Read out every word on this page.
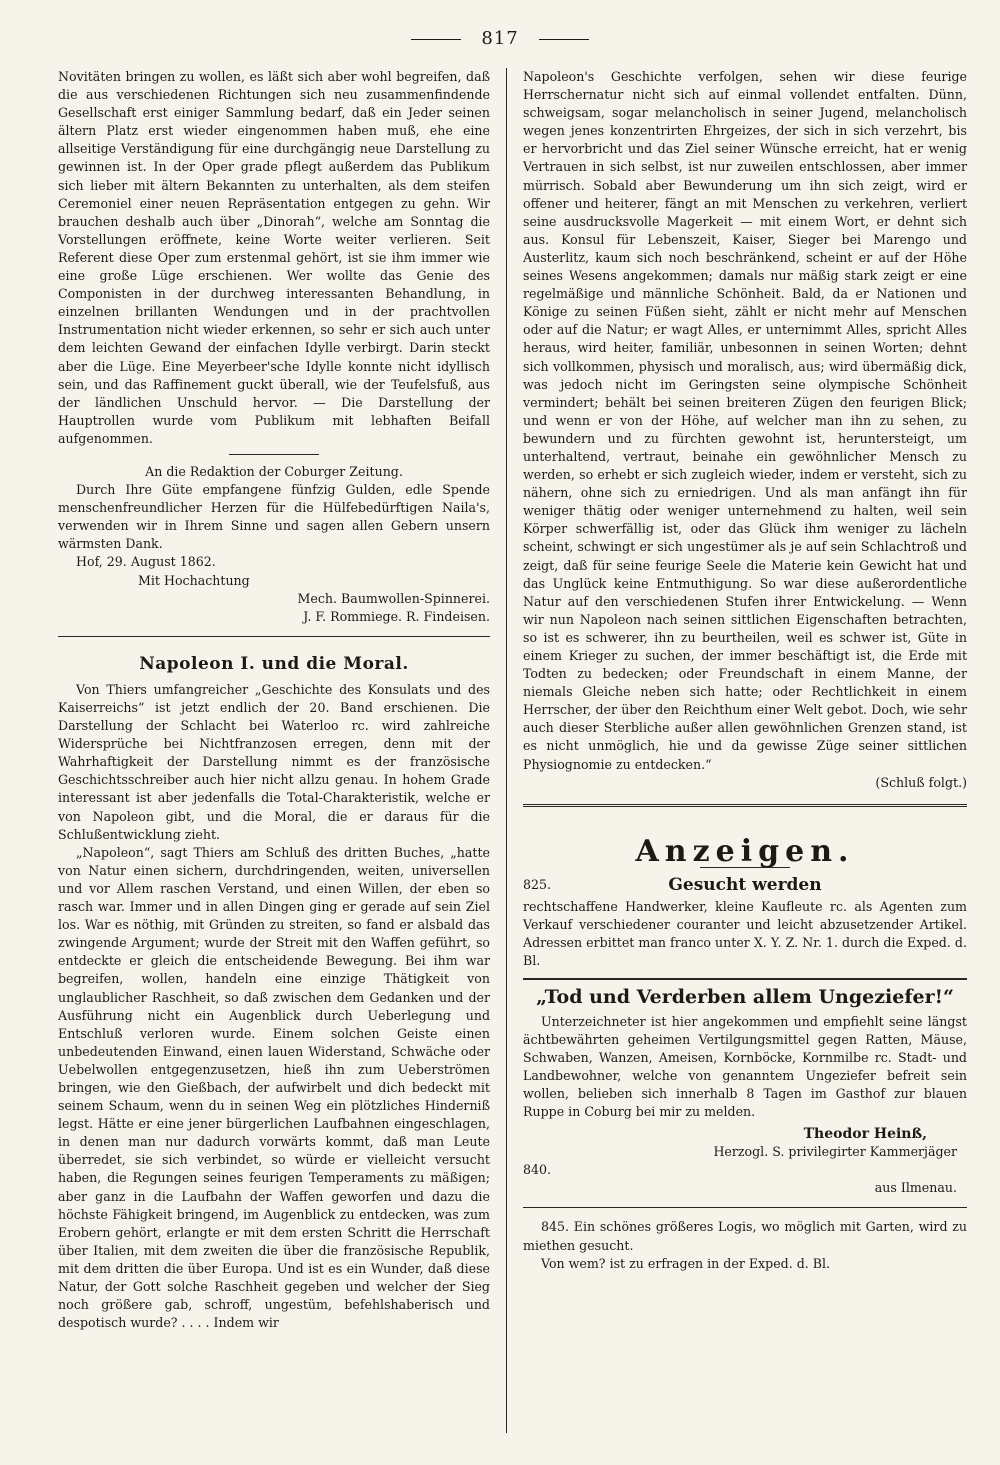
817

Novitäten bringen zu wollen, es läßt sich aber wohl begreifen, daß die aus verschiedenen Richtungen sich neu zusammenfindende Gesellschaft erst einiger Sammlung bedarf, daß ein Jeder seinen ältern Platz erst wieder eingenommen haben muß, ehe eine allseitige Verständigung für eine durchgängig neue Darstellung zu gewinnen ist. In der Oper grade pflegt außerdem das Publikum sich lieber mit ältern Bekannten zu unterhalten, als dem steifen Ceremoniel einer neuen Repräsentation entgegen zu gehn. Wir brauchen deshalb auch über „Dinorah“, welche am Sonntag die Vorstellungen eröffnete, keine Worte weiter verlieren. Seit Referent diese Oper zum erstenmal gehört, ist sie ihm immer wie eine große Lüge erschienen. Wer wollte das Genie des Componisten in der durchweg interessanten Behandlung, in einzelnen brillanten Wendungen und in der prachtvollen Instrumentation nicht wieder erkennen, so sehr er sich auch unter dem leichten Gewand der einfachen Idylle verbirgt. Darin steckt aber die Lüge. Eine Meyerbeer'sche Idylle konnte nicht idyllisch sein, und das Raffinement guckt überall, wie der Teufelsfuß, aus der ländlichen Unschuld hervor. — Die Darstellung der Hauptrollen wurde vom Publikum mit lebhaften Beifall aufgenommen.

An die Redaktion der Coburger Zeitung.

Durch Ihre Güte empfangene fünfzig Gulden, edle Spende menschenfreundlicher Herzen für die Hülfebedürftigen Naila's, verwenden wir in Ihrem Sinne und sagen allen Gebern unsern wärmsten Dank.

Hof, 29. August 1862.

Mit Hochachtung

Mech. Baumwollen-Spinnerei.

J. F. Rommiege. R. Findeisen.

Napoleon I. und die Moral.

Von Thiers umfangreicher „Geschichte des Konsulats und des Kaiserreichs“ ist jetzt endlich der 20. Band erschienen. Die Darstellung der Schlacht bei Waterloo rc. wird zahlreiche Widersprüche bei Nichtfranzosen erregen, denn mit der Wahrhaftigkeit der Darstellung nimmt es der französische Geschichtsschreiber auch hier nicht allzu genau. In hohem Grade interessant ist aber jedenfalls die Total-Charakteristik, welche er von Napoleon gibt, und die Moral, die er daraus für die Schlußentwicklung zieht.

„Napoleon“, sagt Thiers am Schluß des dritten Buches, „hatte von Natur einen sichern, durchdringenden, weiten, universellen und vor Allem raschen Verstand, und einen Willen, der eben so rasch war. Immer und in allen Dingen ging er gerade auf sein Ziel los. War es nöthig, mit Gründen zu streiten, so fand er alsbald das zwingende Argument; wurde der Streit mit den Waffen geführt, so entdeckte er gleich die entscheidende Bewegung. Bei ihm war begreifen, wollen, handeln eine einzige Thätigkeit von unglaublicher Raschheit, so daß zwischen dem Gedanken und der Ausführung nicht ein Augenblick durch Ueberlegung und Entschluß verloren wurde. Einem solchen Geiste einen unbedeutenden Einwand, einen lauen Widerstand, Schwäche oder Uebelwollen entgegenzusetzen, hieß ihn zum Ueberströmen bringen, wie den Gießbach, der aufwirbelt und dich bedeckt mit seinem Schaum, wenn du in seinen Weg ein plötzliches Hinderniß legst. Hätte er eine jener bürgerlichen Laufbahnen eingeschlagen, in denen man nur dadurch vorwärts kommt, daß man Leute überredet, sie sich verbindet, so würde er vielleicht versucht haben, die Regungen seines feurigen Temperaments zu mäßigen; aber ganz in die Laufbahn der Waffen geworfen und dazu die höchste Fähigkeit bringend, im Augenblick zu entdecken, was zum Erobern gehört, erlangte er mit dem ersten Schritt die Herrschaft über Italien, mit dem zweiten die über die französische Republik, mit dem dritten die über Europa. Und ist es ein Wunder, daß diese Natur, der Gott solche Raschheit gegeben und welcher der Sieg noch größere gab, schroff, ungestüm, befehlshaberisch und despotisch wurde? . . . . Indem wir

Napoleon's Geschichte verfolgen, sehen wir diese feurige Herrschernatur nicht sich auf einmal vollendet entfalten. Dünn, schweigsam, sogar melancholisch in seiner Jugend, melancholisch wegen jenes konzentrirten Ehrgeizes, der sich in sich verzehrt, bis er hervorbricht und das Ziel seiner Wünsche erreicht, hat er wenig Vertrauen in sich selbst, ist nur zuweilen entschlossen, aber immer mürrisch. Sobald aber Bewunderung um ihn sich zeigt, wird er offener und heiterer, fängt an mit Menschen zu verkehren, verliert seine ausdrucksvolle Magerkeit — mit einem Wort, er dehnt sich aus. Konsul für Lebenszeit, Kaiser, Sieger bei Marengo und Austerlitz, kaum sich noch beschränkend, scheint er auf der Höhe seines Wesens angekommen; damals nur mäßig stark zeigt er eine regelmäßige und männliche Schönheit. Bald, da er Nationen und Könige zu seinen Füßen sieht, zählt er nicht mehr auf Menschen oder auf die Natur; er wagt Alles, er unternimmt Alles, spricht Alles heraus, wird heiter, familiär, unbesonnen in seinen Worten; dehnt sich vollkommen, physisch und moralisch, aus; wird übermäßig dick, was jedoch nicht im Geringsten seine olympische Schönheit vermindert; behält bei seinen breiteren Zügen den feurigen Blick; und wenn er von der Höhe, auf welcher man ihn zu sehen, zu bewundern und zu fürchten gewohnt ist, heruntersteigt, um unterhaltend, vertraut, beinahe ein gewöhnlicher Mensch zu werden, so erhebt er sich zugleich wieder, indem er versteht, sich zu nähern, ohne sich zu erniedrigen. Und als man anfängt ihn für weniger thätig oder weniger unternehmend zu halten, weil sein Körper schwerfällig ist, oder das Glück ihm weniger zu lächeln scheint, schwingt er sich ungestümer als je auf sein Schlachtroß und zeigt, daß für seine feurige Seele die Materie kein Gewicht hat und das Unglück keine Entmuthigung. So war diese außerordentliche Natur auf den verschiedenen Stufen ihrer Entwickelung. — Wenn wir nun Napoleon nach seinen sittlichen Eigenschaften betrachten, so ist es schwerer, ihn zu beurtheilen, weil es schwer ist, Güte in einem Krieger zu suchen, der immer beschäftigt ist, die Erde mit Todten zu bedecken; oder Freundschaft in einem Manne, der niemals Gleiche neben sich hatte; oder Rechtlichkeit in einem Herrscher, der über den Reichthum einer Welt gebot. Doch, wie sehr auch dieser Sterbliche außer allen gewöhnlichen Grenzen stand, ist es nicht unmöglich, hie und da gewisse Züge seiner sittlichen Physiognomie zu entdecken.“

(Schluß folgt.)

Anzeigen.

825.	Gesucht werden

rechtschaffene Handwerker, kleine Kaufleute rc. als Agenten zum Verkauf verschiedener couranter und leicht abzusetzender Artikel. Adressen erbittet man franco unter X. Y. Z. Nr. 1. durch die Exped. d. Bl.

„Tod und Verderben allem Ungeziefer!“

Unterzeichneter ist hier angekommen und empfiehlt seine längst ächtbewährten geheimen Vertilgungsmittel gegen Ratten, Mäuse, Schwaben, Wanzen, Ameisen, Kornböcke, Kornmilbe rc. Stadt- und Landbewohner, welche von genanntem Ungeziefer befreit sein wollen, belieben sich innerhalb 8 Tagen im Gasthof zur blauen Ruppe in Coburg bei mir zu melden.

Theodor Heinß,

Herzogl. S. privilegirter Kammerjäger

840.

aus Ilmenau.

845. Ein schönes größeres Logis, wo möglich mit Garten, wird zu miethen gesucht.

Von wem? ist zu erfragen in der Exped. d. Bl.
